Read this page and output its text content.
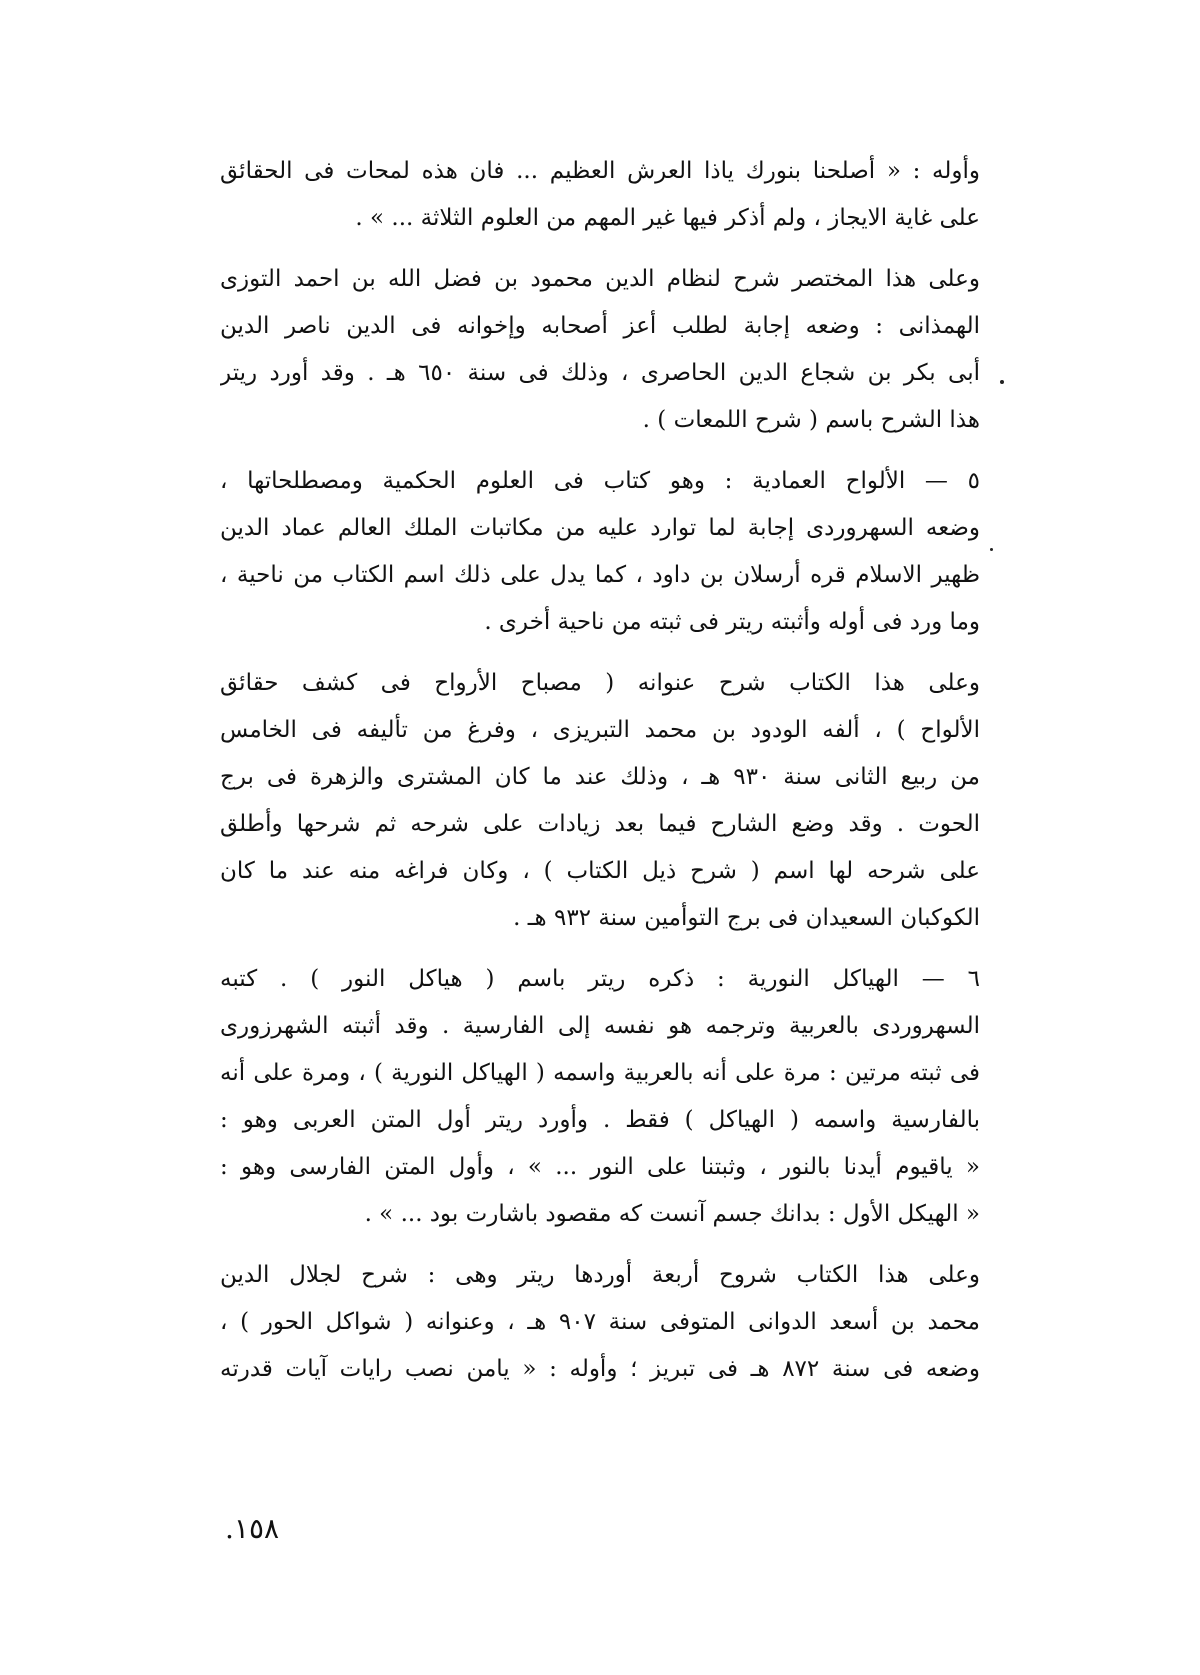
وأوله : « أصلحنا بنورك ياذا العرش العظيم ... فان هذه لمحات فى الحقائق
على غاية الايجاز ، ولم أذكر فيها غير المهم من العلوم الثلاثة ... » .
وعلى هذا المختصر شرح لنظام الدين محمود بن فضل الله بن احمد التوزى
الهمذانى : وضعه إجابة لطلب أعز أصحابه وإخوانه فى الدين ناصر الدين
أبى بكر بن شجاع الدين الحاصرى ، وذلك فى سنة ٦٥٠ هـ . وقد أورد ريتر
هذا الشرح باسم ( شرح اللمعات ) .
٥ — الألواح العمادية : وهو كتاب فى العلوم الحكمية ومصطلحاتها ،
وضعه السهروردى إجابة لما توارد عليه من مكاتبات الملك العالم عماد الدين
ظهير الاسلام قره أرسلان بن داود ، كما يدل على ذلك اسم الكتاب من ناحية ،
وما ورد فى أوله وأثبته ريتر فى ثبته من ناحية أخرى .
وعلى هذا الكتاب شرح عنوانه ( مصباح الأرواح فى كشف حقائق
الألواح ) ، ألفه الودود بن محمد التبريزى ، وفرغ من تأليفه فى الخامس
من ربيع الثانى سنة ٩٣٠ هـ ، وذلك عند ما كان المشترى والزهرة فى برج
الحوت . وقد وضع الشارح فيما بعد زيادات على شرحه ثم شرحها وأطلق
على شرحه لها اسم ( شرح ذيل الكتاب ) ، وكان فراغه منه عند ما كان
الكوكبان السعيدان فى برج التوأمين سنة ٩٣٢ هـ .
٦ — الهياكل النورية : ذكره ريتر باسم ( هياكل النور ) . كتبه
السهروردى بالعربية وترجمه هو نفسه إلى الفارسية . وقد أثبته الشهرزورى
فى ثبته مرتين : مرة على أنه بالعربية واسمه ( الهياكل النورية ) ، ومرة على أنه
بالفارسية واسمه ( الهياكل ) فقط . وأورد ريتر أول المتن العربى وهو :
« ياقيوم أيدنا بالنور ، وثبتنا على النور ... » ، وأول المتن الفارسى وهو :
« الهيكل الأول : بدانك جسم آنست كه مقصود باشارت بود ... » .
وعلى هذا الكتاب شروح أربعة أوردها ريتر وهى : شرح لجلال الدين
محمد بن أسعد الدوانى المتوفى سنة ٩٠٧ هـ ، وعنوانه ( شواكل الحور ) ،
وضعه فى سنة ٨٧٢ هـ فى تبريز ؛ وأوله : « يامن نصب رايات آيات قدرته
١٥٨.
